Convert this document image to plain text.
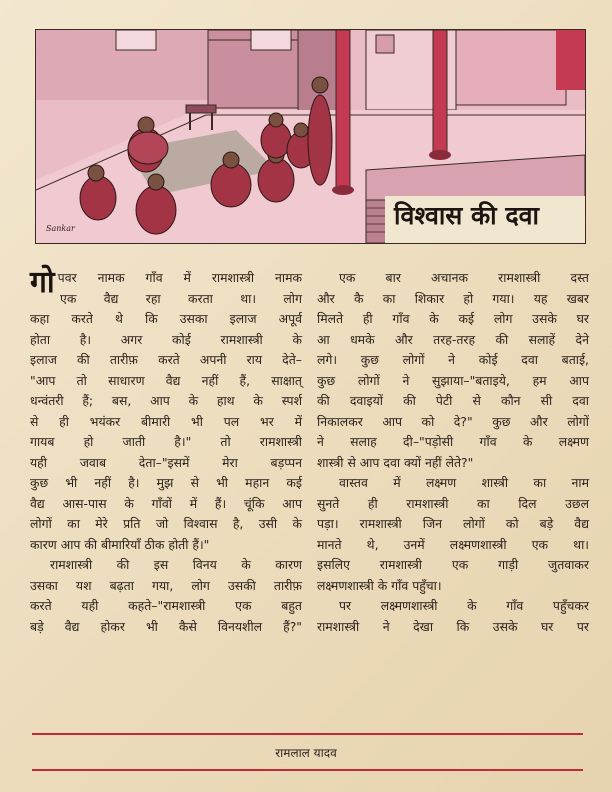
विश्वास की दवा
Sankar
गो पवर नामक गाँव में रामशास्त्री नामक
एक वैद्य रहा करता था। लोग
कहा करते थे कि उसका इलाज अपूर्व
होता है। अगर कोई रामशास्त्री के
इलाज की तारीफ़ करते अपनी राय देते–
"आप तो साधारण वैद्य नहीं हैं, साक्षात्
धन्वंतरी हैं; बस, आप के हाथ के स्पर्श
से ही भयंकर बीमारी भी पल भर में
गायब हो जाती है।" तो रामशास्त्री
यही जवाब देता–"इसमें मेरा बड़प्पन
कुछ भी नहीं है। मुझ से भी महान कई
वैद्य आस-पास के गाँवों में हैं। चूंकि आप
लोगों का मेरे प्रति जो विश्वास है, उसी के
कारण आप की बीमारियाँ ठीक होती हैं।"
रामशास्त्री की इस विनय के कारण
उसका यश बढ़ता गया, लोग उसकी तारीफ़
करते यही कहते–"रामशास्त्री एक बहुत
बड़े वैद्य होकर भी कैसे विनयशील हैं?"
एक बार अचानक रामशास्त्री दस्त
और कै का शिकार हो गया। यह खबर
मिलते ही गाँव के कई लोग उसके घर
आ धमके और तरह-तरह की सलाहें देने
लगे। कुछ लोगों ने कोई दवा बताई,
कुछ लोगों ने सुझाया–"बताइये, हम आप
की दवाइयों की पेटी से कौन सी दवा
निकालकर आप को दे?" कुछ और लोगों
ने सलाह दी–"पड़ोसी गाँव के लक्ष्मण
शास्त्री से आप दवा क्यों नहीं लेते?"
वास्तव में लक्ष्मण शास्त्री का नाम
सुनते ही रामशास्त्री का दिल उछल
पड़ा। रामशास्त्री जिन लोगों को बड़े वैद्य
मानते थे, उनमें लक्ष्मणशास्त्री एक था।
इसलिए रामशास्त्री एक गाड़ी जुतवाकर
लक्ष्मणशास्त्री के गाँव पहुँचा।
पर लक्ष्मणशास्त्री के गाँव पहुँचकर
रामशास्त्री ने देखा कि उसके घर पर
रामलाल यादव
